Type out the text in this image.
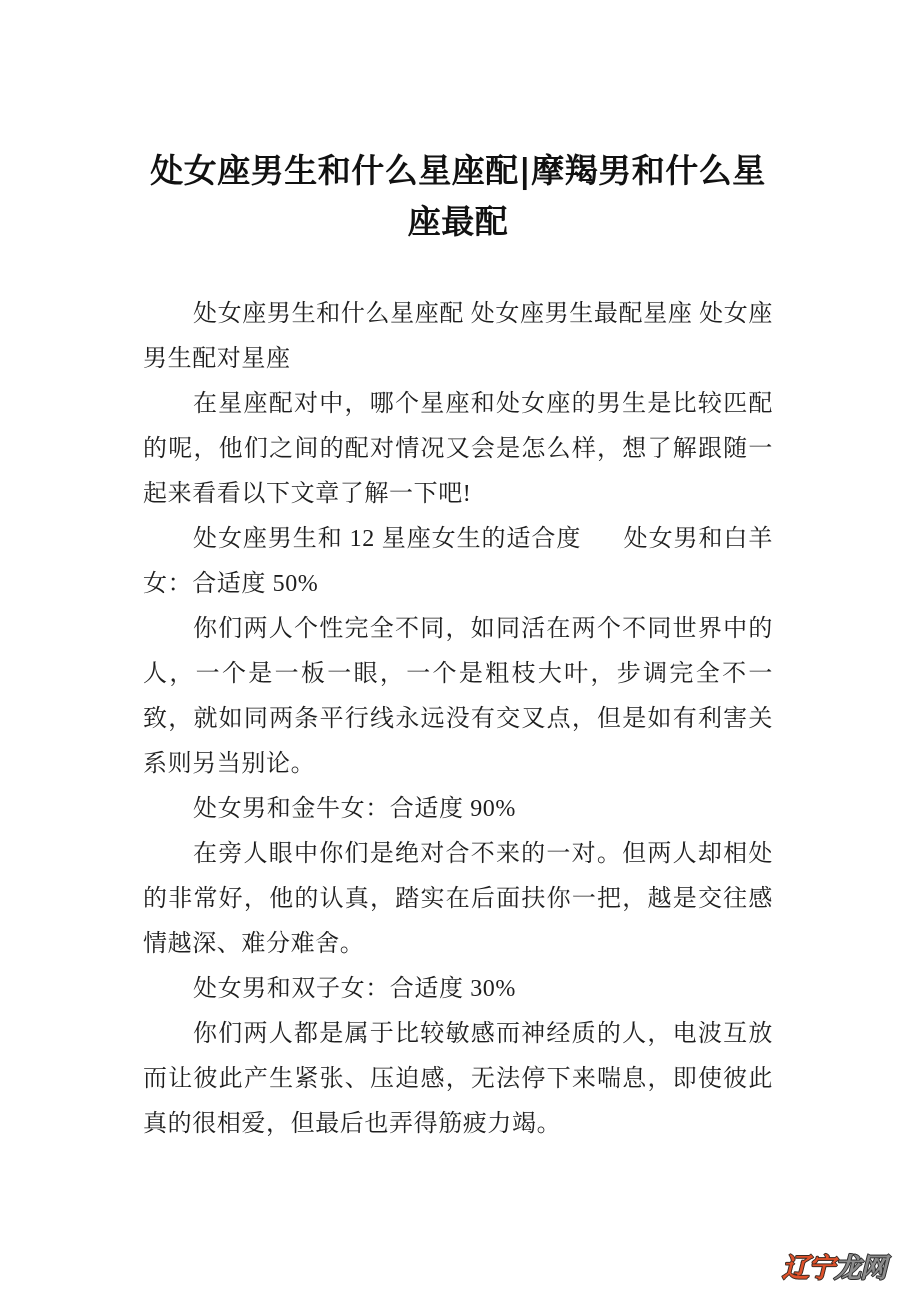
处女座男生和什么星座配|摩羯男和什么星座最配

处女座男生和什么星座配 处女座男生最配星座 处女座男生配对星座

在星座配对中，哪个星座和处女座的男生是比较匹配的呢，他们之间的配对情况又会是怎么样，想了解跟随一起来看看以下文章了解一下吧!

处女座男生和 12 星座女生的适合度 处女男和白羊女：合适度 50%

你们两人个性完全不同，如同活在两个不同世界中的人，一个是一板一眼，一个是粗枝大叶，步调完全不一致，就如同两条平行线永远没有交叉点，但是如有利害关系则另当别论。

处女男和金牛女：合适度 90%

在旁人眼中你们是绝对合不来的一对。但两人却相处的非常好，他的认真，踏实在后面扶你一把，越是交往感情越深、难分难舍。

处女男和双子女：合适度 30%

你们两人都是属于比较敏感而神经质的人，电波互放而让彼此产生紧张、压迫感，无法停下来喘息，即使彼此真的很相爱，但最后也弄得筋疲力竭。

辽宁 龙网
